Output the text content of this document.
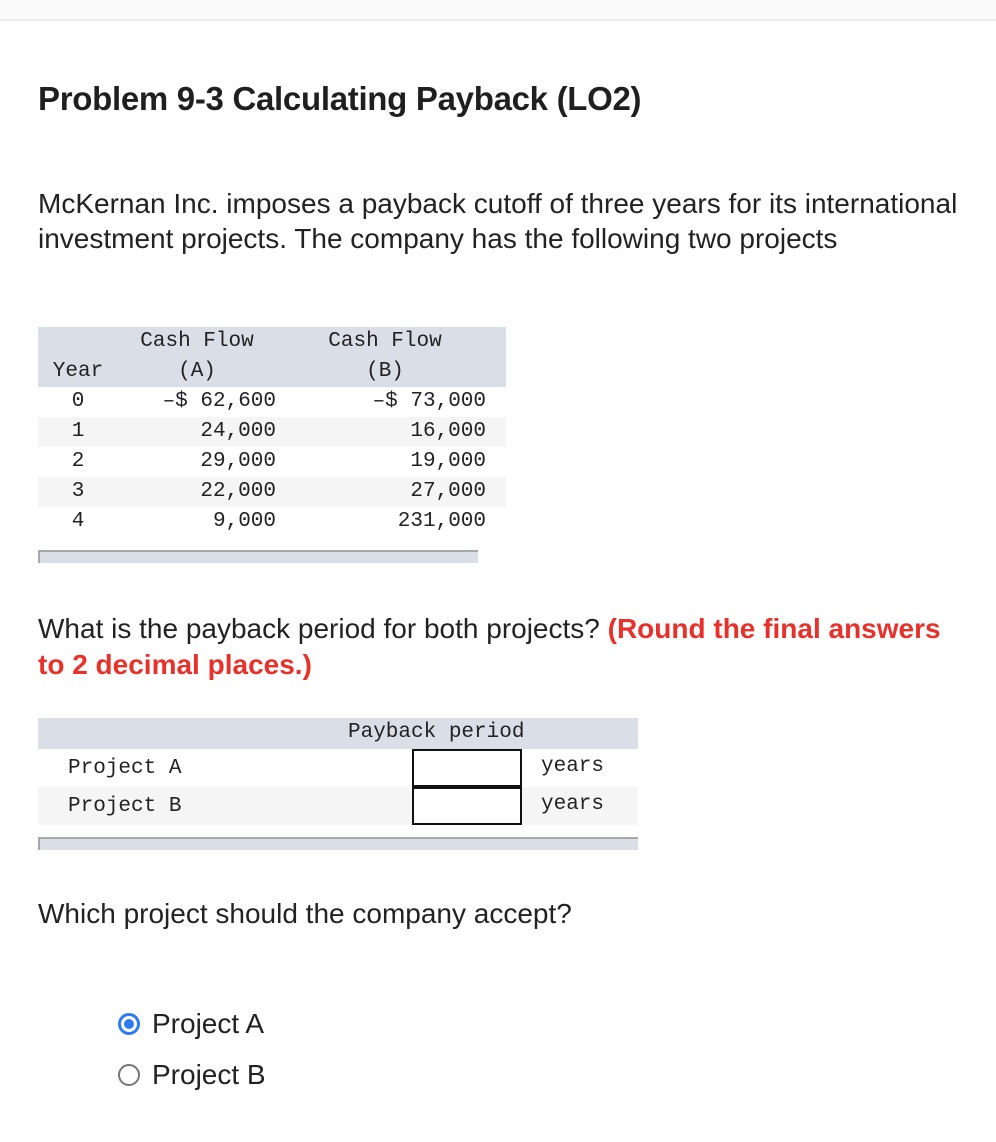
Problem 9-3 Calculating Payback (LO2)
McKernan Inc. imposes a payback cutoff of three years for its international investment projects. The company has the following two projects
	Cash Flow	Cash Flow
Year	(A)	(B)
0	–$ 62,600	–$ 73,000
1	24,000	16,000
2	29,000	19,000
3	22,000	27,000
4	9,000	231,000
What is the payback period for both projects? (Round the final answers to 2 decimal places.)
Payback period
Project A	years
Project B	years
Which project should the company accept?
Project A
Project B
